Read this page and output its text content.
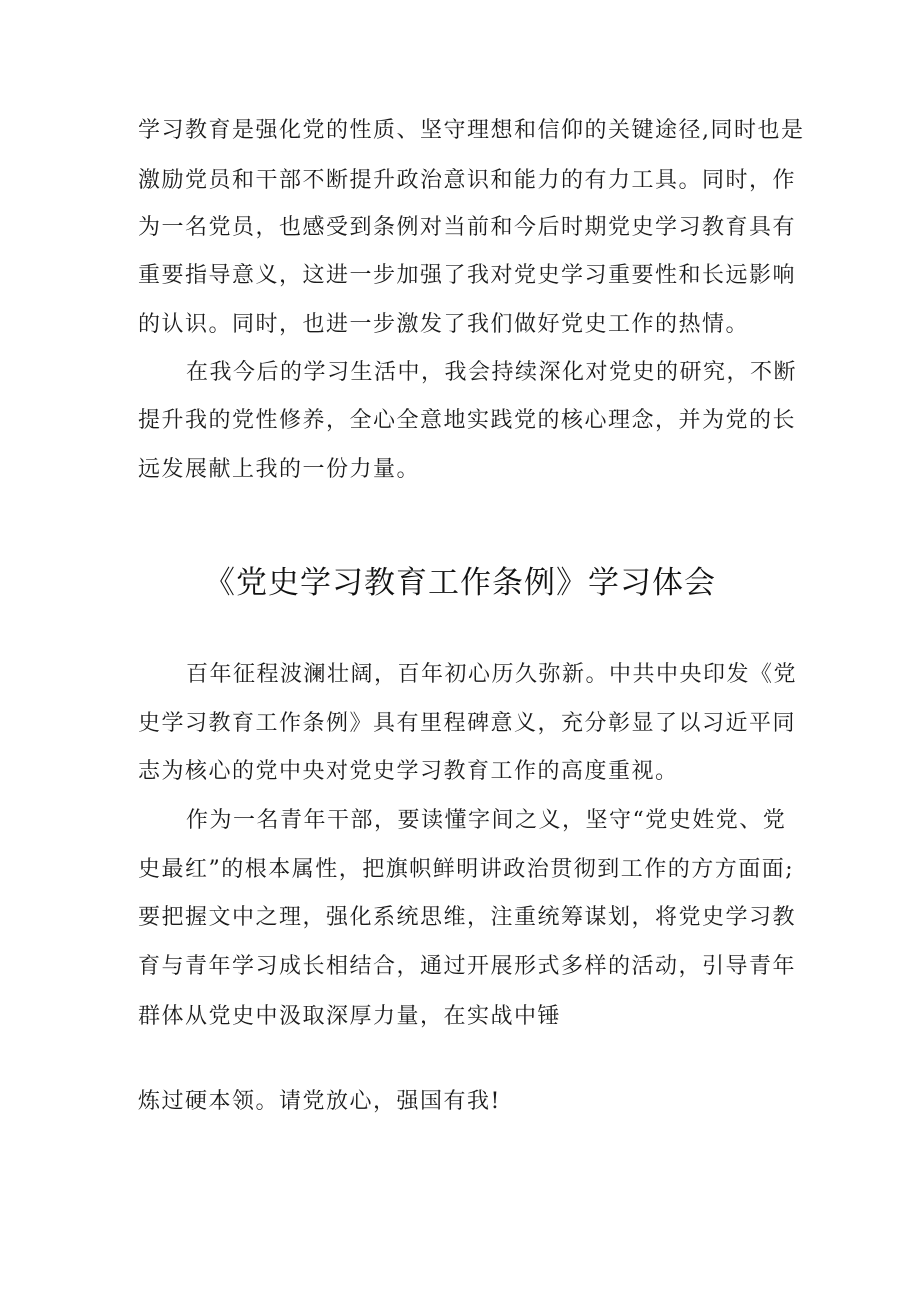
学习教育是强化党的性质、坚守理想和信仰的关键途径,同时也是
激励党员和干部不断提升政治意识和能力的有力工具。同时，作
为一名党员，也感受到条例对当前和今后时期党史学习教育具有
重要指导意义，这进一步加强了我对党史学习重要性和长远影响
的认识。同时，也进一步激发了我们做好党史工作的热情。
在我今后的学习生活中，我会持续深化对党史的研究，不断
提升我的党性修养，全心全意地实践党的核心理念，并为党的长
远发展献上我的一份力量。
《党史学习教育工作条例》学习体会
百年征程波澜壮阔，百年初心历久弥新。中共中央印发《党
史学习教育工作条例》具有里程碑意义，充分彰显了以习近平同
志为核心的党中央对党史学习教育工作的高度重视。
作为一名青年干部，要读懂字间之义，坚守“党史姓党、党
史最红”的根本属性，把旗帜鲜明讲政治贯彻到工作的方方面面;
要把握文中之理，强化系统思维，注重统筹谋划，将党史学习教
育与青年学习成长相结合，通过开展形式多样的活动，引导青年
群体从党史中汲取深厚力量，在实战中锤
炼过硬本领。请党放心，强国有我!
